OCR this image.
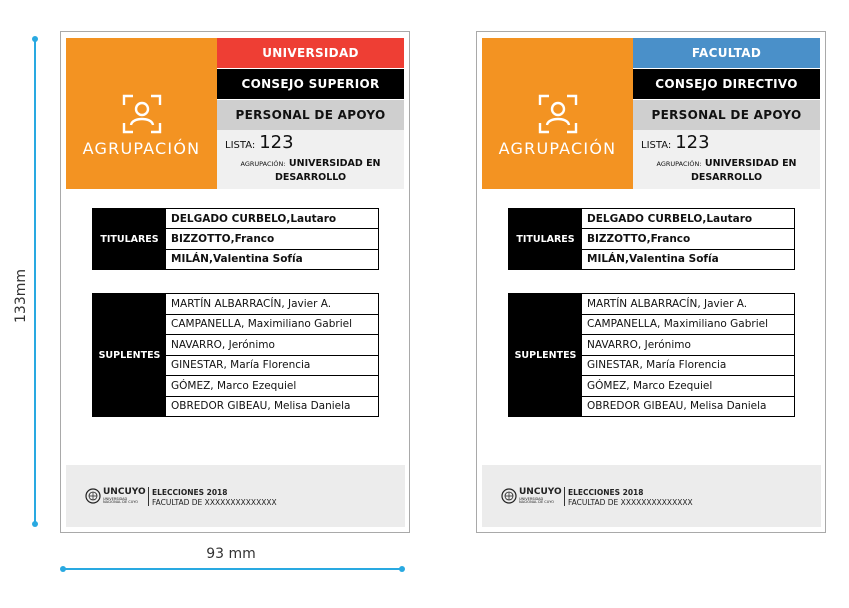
133mm
93 mm
AGRUPACIÓN
UNIVERSIDAD
CONSEJO SUPERIOR
PERSONAL DE APOYO
LISTA: 123
AGRUPACIÓN: UNIVERSIDAD EN
DESARROLLO
TITULARES
DELGADO CURBELO , Lautaro
BIZZOTTO , Franco
MILÁN , Valentina Sofía
SUPLENTES
MARTÍN ALBARRACÍN, Javier A.
CAMPANELLA, Maximiliano Gabriel
NAVARRO, Jerónimo
GINESTAR, María Florencia
GÓMEZ, Marco Ezequiel
OBREDOR GIBEAU, Melisa Daniela
UNCUYO
UNIVERSIDAD
NACIONAL DE CUYO
ELECCIONES 2018
FACULTAD DE XXXXXXXXXXXXXX
AGRUPACIÓN
FACULTAD
CONSEJO DIRECTIVO
PERSONAL DE APOYO
LISTA: 123
AGRUPACIÓN: UNIVERSIDAD EN
DESARROLLO
TITULARES
DELGADO CURBELO , Lautaro
BIZZOTTO , Franco
MILÁN , Valentina Sofía
SUPLENTES
MARTÍN ALBARRACÍN, Javier A.
CAMPANELLA, Maximiliano Gabriel
NAVARRO, Jerónimo
GINESTAR, María Florencia
GÓMEZ, Marco Ezequiel
OBREDOR GIBEAU, Melisa Daniela
UNCUYO
UNIVERSIDAD
NACIONAL DE CUYO
ELECCIONES 2018
FACULTAD DE XXXXXXXXXXXXXX
